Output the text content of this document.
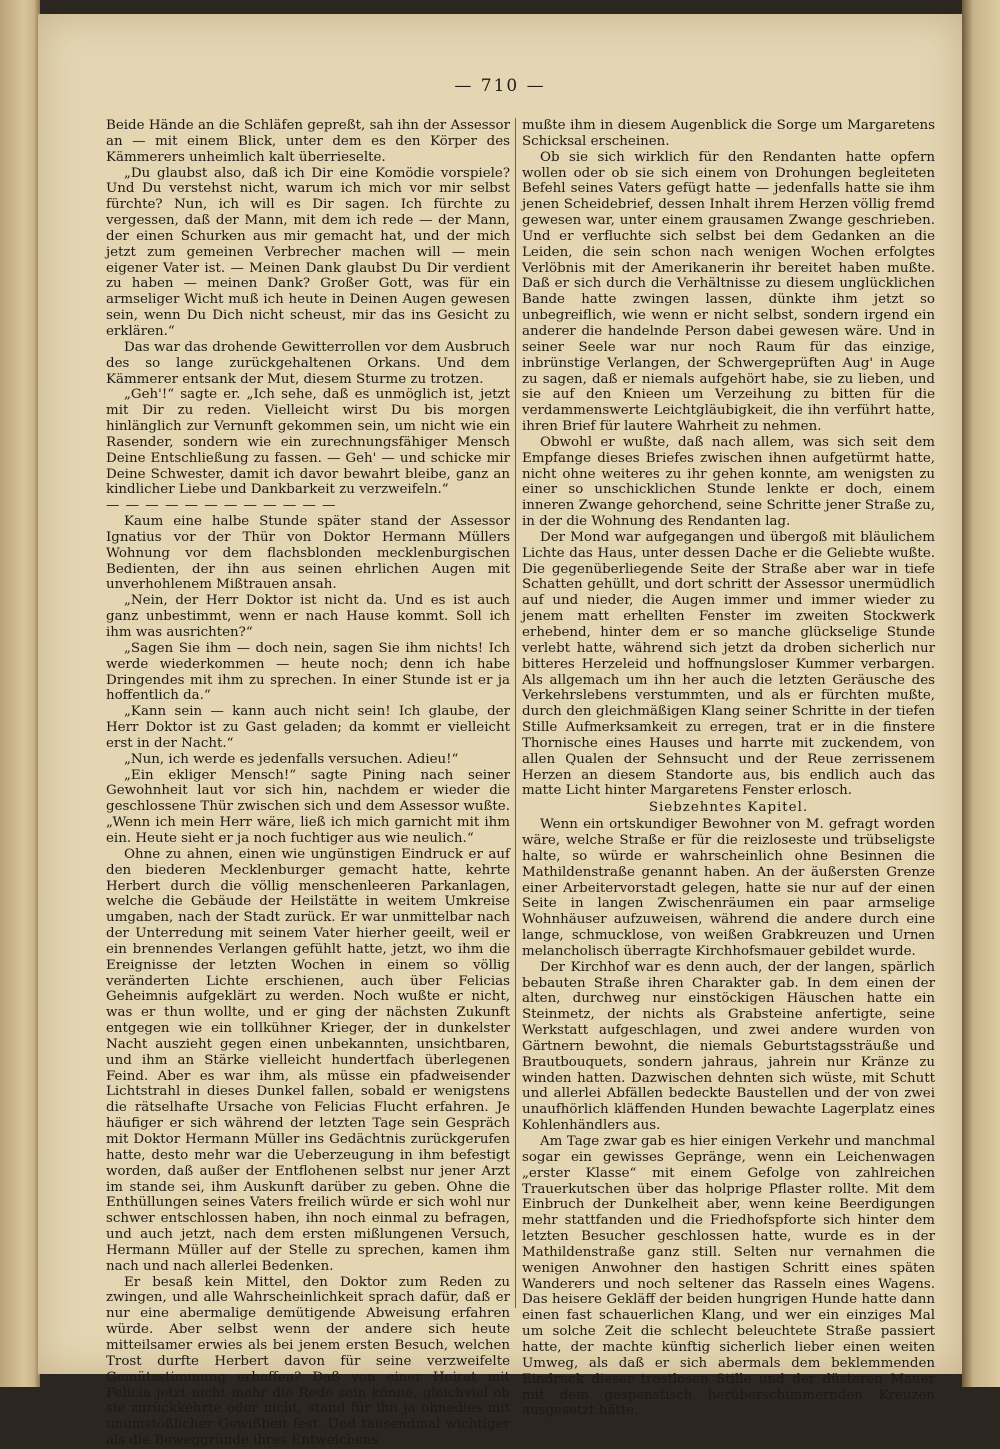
— 710 —

Beide Hände an die Schläfen gepreßt, sah ihn der Assessor an — mit einem Blick, unter dem es den Körper des Kämmerers unheimlich kalt überrieselte.

„Du glaubst also, daß ich Dir eine Komödie vorspiele? Und Du verstehst nicht, warum ich mich vor mir selbst fürchte? Nun, ich will es Dir sagen. Ich fürchte zu vergessen, daß der Mann, mit dem ich rede — der Mann, der einen Schurken aus mir gemacht hat, und der mich jetzt zum gemeinen Verbrecher machen will — mein eigener Vater ist. — Meinen Dank glaubst Du Dir verdient zu haben — meinen Dank? Großer Gott, was für ein armseliger Wicht muß ich heute in Deinen Augen gewesen sein, wenn Du Dich nicht scheust, mir das ins Gesicht zu erklären.“

Das war das drohende Gewitterrollen vor dem Ausbruch des so lange zurückgehaltenen Orkans. Und dem Kämmerer entsank der Mut, diesem Sturme zu trotzen.

„Geh'!“ sagte er. „Ich sehe, daß es unmöglich ist, jetzt mit Dir zu reden. Vielleicht wirst Du bis morgen hinlänglich zur Vernunft gekommen sein, um nicht wie ein Rasender, sondern wie ein zurechnungsfähiger Mensch Deine Entschließung zu fassen. — Geh' — und schicke mir Deine Schwester, damit ich davor bewahrt bleibe, ganz an kindlicher Liebe und Dankbarkeit zu verzweifeln.“

— — — — — — — — — — — —

Kaum eine halbe Stunde später stand der Assessor Ignatius vor der Thür von Doktor Hermann Müllers Wohnung vor dem flachsblonden mecklenburgischen Bedienten, der ihn aus seinen ehrlichen Augen mit unverhohlenem Mißtrauen ansah.

„Nein, der Herr Doktor ist nicht da. Und es ist auch ganz unbestimmt, wenn er nach Hause kommt. Soll ich ihm was ausrichten?“

„Sagen Sie ihm — doch nein, sagen Sie ihm nichts! Ich werde wiederkommen — heute noch; denn ich habe Dringendes mit ihm zu sprechen. In einer Stunde ist er ja hoffentlich da.“

„Kann sein — kann auch nicht sein! Ich glaube, der Herr Doktor ist zu Gast geladen; da kommt er vielleicht erst in der Nacht.“

„Nun, ich werde es jedenfalls versuchen. Adieu!“

„Ein ekliger Mensch!“ sagte Pining nach seiner Gewohnheit laut vor sich hin, nachdem er wieder die geschlossene Thür zwischen sich und dem Assessor wußte. „Wenn ich mein Herr wäre, ließ ich mich garnicht mit ihm ein. Heute sieht er ja noch fuchtiger aus wie neulich.“

Ohne zu ahnen, einen wie ungünstigen Eindruck er auf den biederen Mecklenburger gemacht hatte, kehrte Herbert durch die völlig menschenleeren Parkanlagen, welche die Gebäude der Heilstätte in weitem Umkreise umgaben, nach der Stadt zurück. Er war unmittelbar nach der Unterredung mit seinem Vater hierher geeilt, weil er ein brennendes Verlangen gefühlt hatte, jetzt, wo ihm die Ereignisse der letzten Wochen in einem so völlig veränderten Lichte erschienen, auch über Felicias Geheimnis aufgeklärt zu werden. Noch wußte er nicht, was er thun wollte, und er ging der nächsten Zukunft entgegen wie ein tollkühner Krieger, der in dunkelster Nacht auszieht gegen einen unbekannten, unsichtbaren, und ihm an Stärke vielleicht hundertfach überlegenen Feind. Aber es war ihm, als müsse ein pfadweisender Lichtstrahl in dieses Dunkel fallen, sobald er wenigstens die rätselhafte Ursache von Felicias Flucht erfahren. Je häufiger er sich während der letzten Tage sein Gespräch mit Doktor Hermann Müller ins Gedächtnis zurückgerufen hatte, desto mehr war die Ueberzeugung in ihm befestigt worden, daß außer der Entflohenen selbst nur jener Arzt im stande sei, ihm Auskunft darüber zu geben. Ohne die Enthüllungen seines Vaters freilich würde er sich wohl nur schwer entschlossen haben, ihn noch einmal zu befragen, und auch jetzt, nach dem ersten mißlungenen Versuch, Hermann Müller auf der Stelle zu sprechen, kamen ihm nach und nach allerlei Bedenken.

Er besaß kein Mittel, den Doktor zum Reden zu zwingen, und alle Wahrscheinlichkeit sprach dafür, daß er nur eine abermalige demütigende Abweisung erfahren würde. Aber selbst wenn der andere sich heute mitteilsamer erwies als bei jenem ersten Besuch, welchen Trost durfte Herbert davon für seine verzweifelte Gemütsstimmung erhoffen? Daß von einer Heirat mit Felicia jetzt nicht mehr die Rede sein könne, gleichviel ob sie zurückkehrte oder nicht, stand für ihn ja ohnedies mit unumstößlicher Gewißheit fest. Und tausendmal wichtiger als die Beweggründe ihres Entweichens

mußte ihm in diesem Augenblick die Sorge um Margaretens Schicksal erscheinen.

Ob sie sich wirklich für den Rendanten hatte opfern wollen oder ob sie sich einem von Drohungen begleiteten Befehl seines Vaters gefügt hatte — jedenfalls hatte sie ihm jenen Scheidebrief, dessen Inhalt ihrem Herzen völlig fremd gewesen war, unter einem grausamen Zwange geschrieben. Und er verfluchte sich selbst bei dem Gedanken an die Leiden, die sein schon nach wenigen Wochen erfolgtes Verlöbnis mit der Amerikanerin ihr bereitet haben mußte. Daß er sich durch die Verhältnisse zu diesem unglücklichen Bande hatte zwingen lassen, dünkte ihm jetzt so unbegreiflich, wie wenn er nicht selbst, sondern irgend ein anderer die handelnde Person dabei gewesen wäre. Und in seiner Seele war nur noch Raum für das einzige, inbrünstige Verlangen, der Schwergeprüften Aug' in Auge zu sagen, daß er niemals aufgehört habe, sie zu lieben, und sie auf den Knieen um Verzeihung zu bitten für die verdammenswerte Leichtgläubigkeit, die ihn verführt hatte, ihren Brief für lautere Wahrheit zu nehmen.

Obwohl er wußte, daß nach allem, was sich seit dem Empfange dieses Briefes zwischen ihnen aufgetürmt hatte, nicht ohne weiteres zu ihr gehen konnte, am wenigsten zu einer so unschicklichen Stunde lenkte er doch, einem inneren Zwange gehorchend, seine Schritte jener Straße zu, in der die Wohnung des Rendanten lag.

Der Mond war aufgegangen und übergoß mit bläulichem Lichte das Haus, unter dessen Dache er die Geliebte wußte. Die gegenüberliegende Seite der Straße aber war in tiefe Schatten gehüllt, und dort schritt der Assessor unermüdlich auf und nieder, die Augen immer und immer wieder zu jenem matt erhellten Fenster im zweiten Stockwerk erhebend, hinter dem er so manche glückselige Stunde verlebt hatte, während sich jetzt da droben sicherlich nur bitteres Herzeleid und hoffnungsloser Kummer verbargen. Als allgemach um ihn her auch die letzten Geräusche des Verkehrslebens verstummten, und als er fürchten mußte, durch den gleichmäßigen Klang seiner Schritte in der tiefen Stille Aufmerksamkeit zu erregen, trat er in die finstere Thornische eines Hauses und harrte mit zuckendem, von allen Qualen der Sehnsucht und der Reue zerrissenem Herzen an diesem Standorte aus, bis endlich auch das matte Licht hinter Margaretens Fenster erlosch.

Siebzehntes Kapitel.

Wenn ein ortskundiger Bewohner von M. gefragt worden wäre, welche Straße er für die reizloseste und trübseligste halte, so würde er wahrscheinlich ohne Besinnen die Mathildenstraße genannt haben. An der äußersten Grenze einer Arbeitervorstadt gelegen, hatte sie nur auf der einen Seite in langen Zwischenräumen ein paar armselige Wohnhäuser aufzuweisen, während die andere durch eine lange, schmucklose, von weißen Grabkreuzen und Urnen melancholisch überragte Kirchhofsmauer gebildet wurde.

Der Kirchhof war es denn auch, der der langen, spärlich bebauten Straße ihren Charakter gab. In dem einen der alten, durchweg nur einstöckigen Häuschen hatte ein Steinmetz, der nichts als Grabsteine anfertigte, seine Werkstatt aufgeschlagen, und zwei andere wurden von Gärtnern bewohnt, die niemals Geburtstagssträuße und Brautbouquets, sondern jahraus, jahrein nur Kränze zu winden hatten. Dazwischen dehnten sich wüste, mit Schutt und allerlei Abfällen bedeckte Baustellen und der von zwei unaufhörlich kläffenden Hunden bewachte Lagerplatz eines Kohlenhändlers aus.

Am Tage zwar gab es hier einigen Verkehr und manchmal sogar ein gewisses Gepränge, wenn ein Leichenwagen „erster Klasse“ mit einem Gefolge von zahlreichen Trauerkutschen über das holprige Pflaster rollte. Mit dem Einbruch der Dunkelheit aber, wenn keine Beerdigungen mehr stattfanden und die Friedhofspforte sich hinter dem letzten Besucher geschlossen hatte, wurde es in der Mathildenstraße ganz still. Selten nur vernahmen die wenigen Anwohner den hastigen Schritt eines späten Wanderers und noch seltener das Rasseln eines Wagens. Das heisere Gekläff der beiden hungrigen Hunde hatte dann einen fast schauerlichen Klang, und wer ein einziges Mal um solche Zeit die schlecht beleuchtete Straße passiert hatte, der machte künftig sicherlich lieber einen weiten Umweg, als daß er sich abermals dem beklemmenden Eindruck dieser trostlosen Stille und der düsteren Mauer mit dem gespenstisch herüberschimmernden Kreuzen ausgesetzt hätte.
